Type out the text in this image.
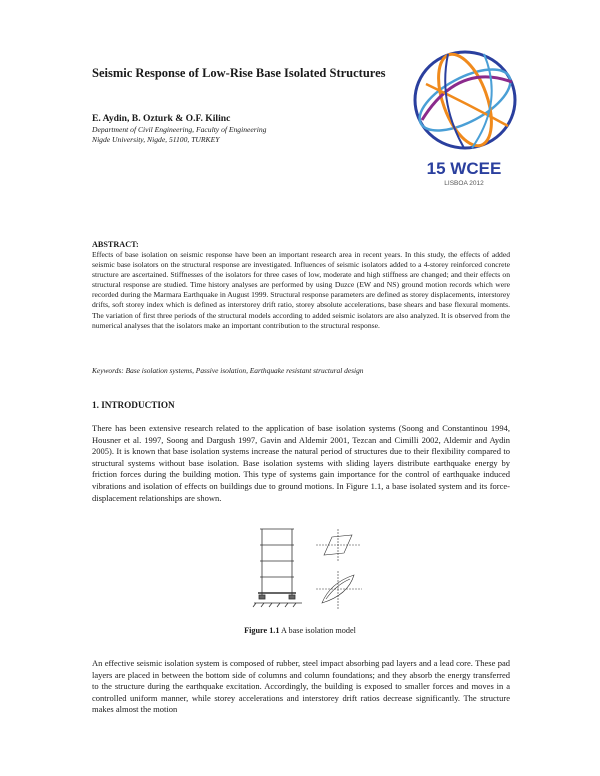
Seismic Response of Low-Rise Base Isolated Structures
E. Aydin, B. Ozturk & O.F. Kilinc
Department of Civil Engineering, Faculty of Engineering
Nigde University, Nigde, 51100, TURKEY
15 WCEE
LISBOA 2012
ABSTRACT:

Effects of base isolation on seismic response have been an important research area in recent years. In this study, the effects of added seismic base isolators on the structural response are investigated. Influences of seismic isolators added to a 4-storey reinforced concrete structure are ascertained. Stiffnesses of the isolators for three cases of low, moderate and high stiffness are changed; and their effects on structural response are studied. Time history analyses are performed by using Duzce (EW and NS) ground motion records which were recorded during the Marmara Earthquake in August 1999. Structural response parameters are defined as storey displacements, interstorey drifts, soft storey index which is defined as interstorey drift ratio, storey absolute accelerations, base shears and base flexural moments. The variation of first three periods of the structural models according to added seismic isolators are also analyzed. It is observed from the numerical analyses that the isolators make an important contribution to the structural response.

Keywords: Base isolation systems, Passive isolation, Earthquake resistant structural design
1. INTRODUCTION

There has been extensive research related to the application of base isolation systems (Soong and Constantinou 1994, Housner et al. 1997, Soong and Dargush 1997, Gavin and Aldemir 2001, Tezcan and Cimilli 2002, Aldemir and Aydin 2005). It is known that base isolation systems increase the natural period of structures due to their flexibility compared to structural systems without base isolation. Base isolation systems with sliding layers distribute earthquake energy by friction forces during the building motion. This type of systems gain importance for the control of earthquake induced vibrations and isolation of effects on buildings due to ground motions. In Figure 1.1, a base isolated system and its force-displacement relationships are shown.

Figure 1.1 A base isolation model

An effective seismic isolation system is composed of rubber, steel impact absorbing pad layers and a lead core. These pad layers are placed in between the bottom side of columns and column foundations; and they absorb the energy transferred to the structure during the earthquake excitation. Accordingly, the building is exposed to smaller forces and moves in a controlled uniform manner, while storey accelerations and interstorey drift ratios decrease significantly. The structure makes almost the motion
